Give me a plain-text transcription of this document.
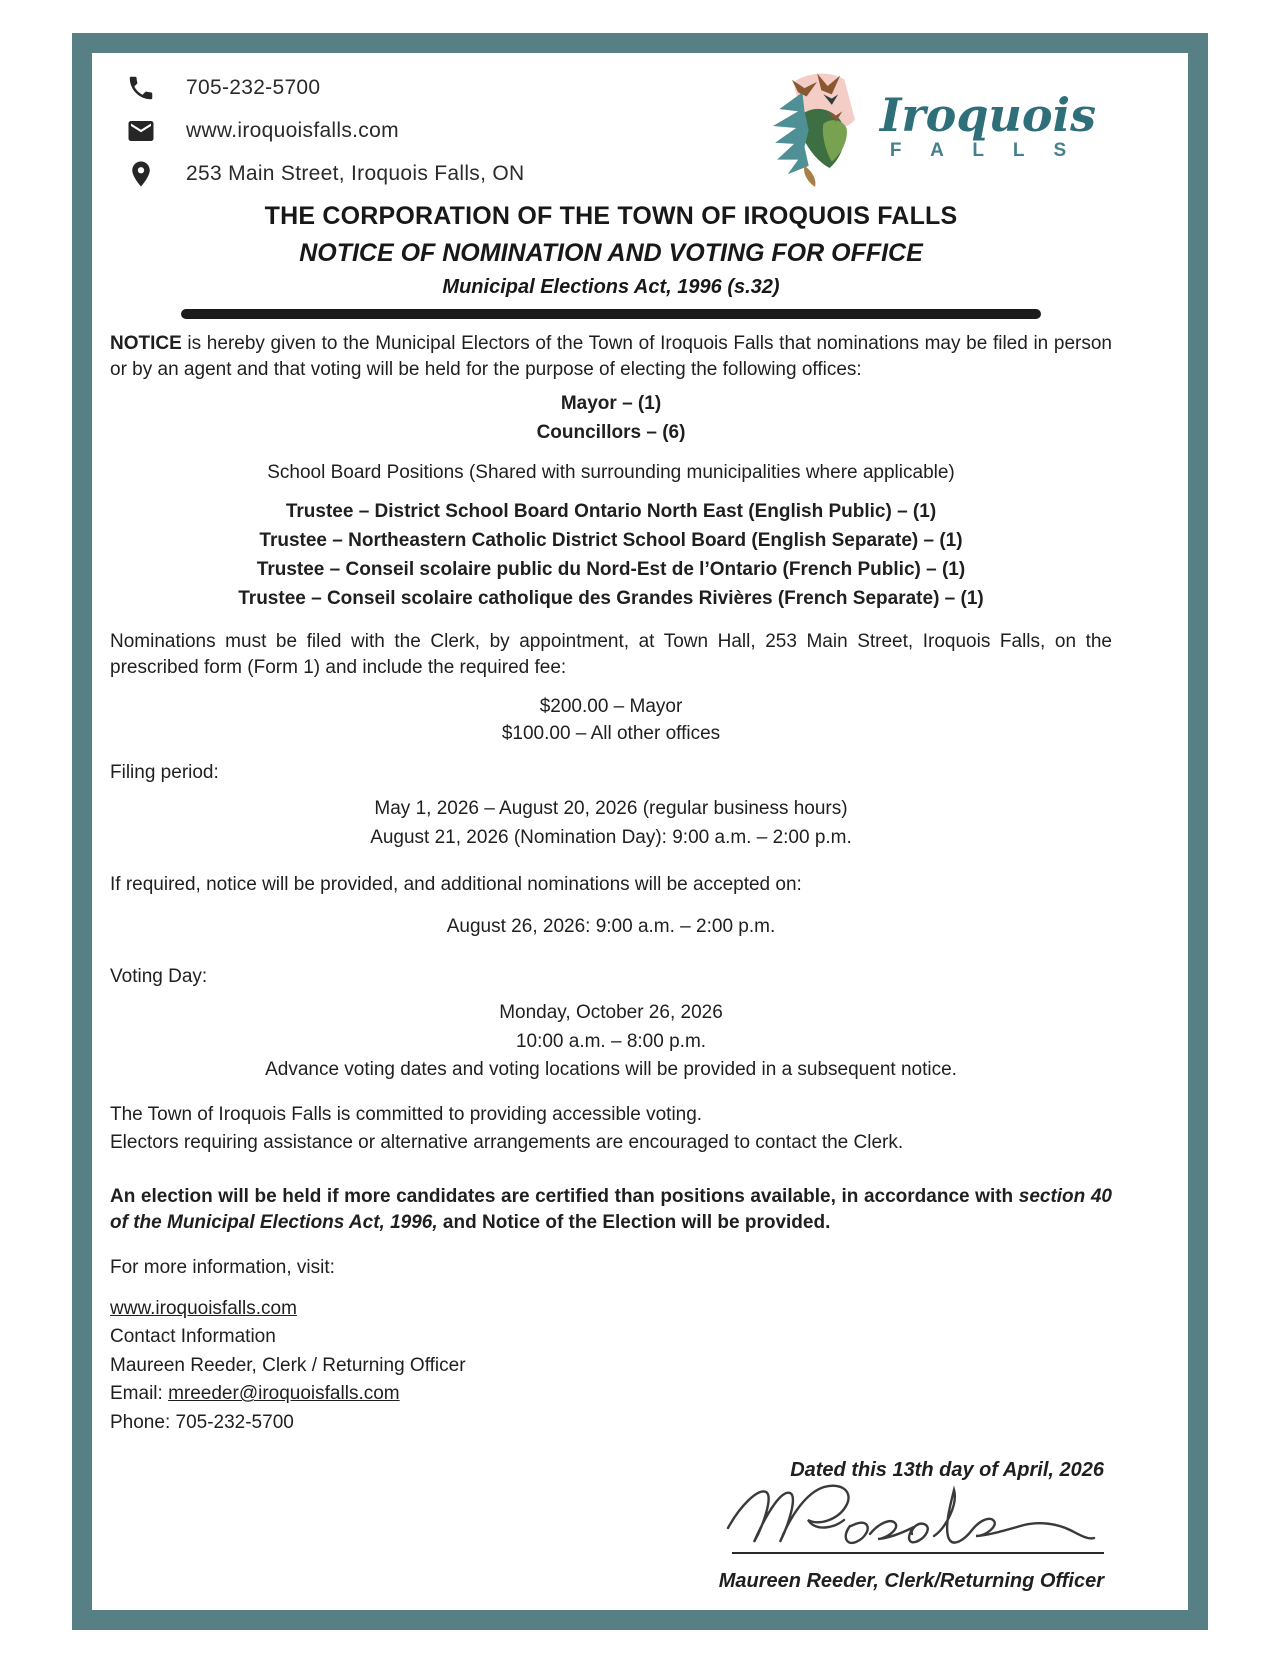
705-232-5700
www.iroquoisfalls.com
253 Main Street, Iroquois Falls, ON
Iroquois
F A L L S
THE CORPORATION OF THE TOWN OF IROQUOIS FALLS
NOTICE OF NOMINATION AND VOTING FOR OFFICE
Municipal Elections Act, 1996 (s.32)

NOTICE is hereby given to the Municipal Electors of the Town of Iroquois Falls that nominations may be filed in person or by an agent and that voting will be held for the purpose of electing the following offices:

Mayor – (1)
Councillors – (6)

School Board Positions (Shared with surrounding municipalities where applicable)

Trustee – District School Board Ontario North East (English Public) – (1)
Trustee – Northeastern Catholic District School Board (English Separate) – (1)
Trustee – Conseil scolaire public du Nord-Est de l’Ontario (French Public) – (1)
Trustee – Conseil scolaire catholique des Grandes Rivières (French Separate) – (1)

Nominations must be filed with the Clerk, by appointment, at Town Hall, 253 Main Street, Iroquois Falls, on the prescribed form (Form 1) and include the required fee:

$200.00 – Mayor
$100.00 – All other offices

Filing period:

May 1, 2026 – August 20, 2026 (regular business hours)
August 21, 2026 (Nomination Day): 9:00 a.m. – 2:00 p.m.

If required, notice will be provided, and additional nominations will be accepted on:

August 26, 2026: 9:00 a.m. – 2:00 p.m.

Voting Day:

Monday, October 26, 2026
10:00 a.m. – 8:00 p.m.
Advance voting dates and voting locations will be provided in a subsequent notice.
The Town of Iroquois Falls is committed to providing accessible voting.
Electors requiring assistance or alternative arrangements are encouraged to contact the Clerk.

An election will be held if more candidates are certified than positions available, in accordance with section 40 of the Municipal Elections Act, 1996, and Notice of the Election will be provided.

For more information, visit:

www.iroquoisfalls.com
Contact Information
Maureen Reeder, Clerk / Returning Officer
Email: mreeder@iroquoisfalls.com
Phone: 705-232-5700
Dated this 13th day of April, 2026
Maureen Reeder, Clerk/Returning Officer
